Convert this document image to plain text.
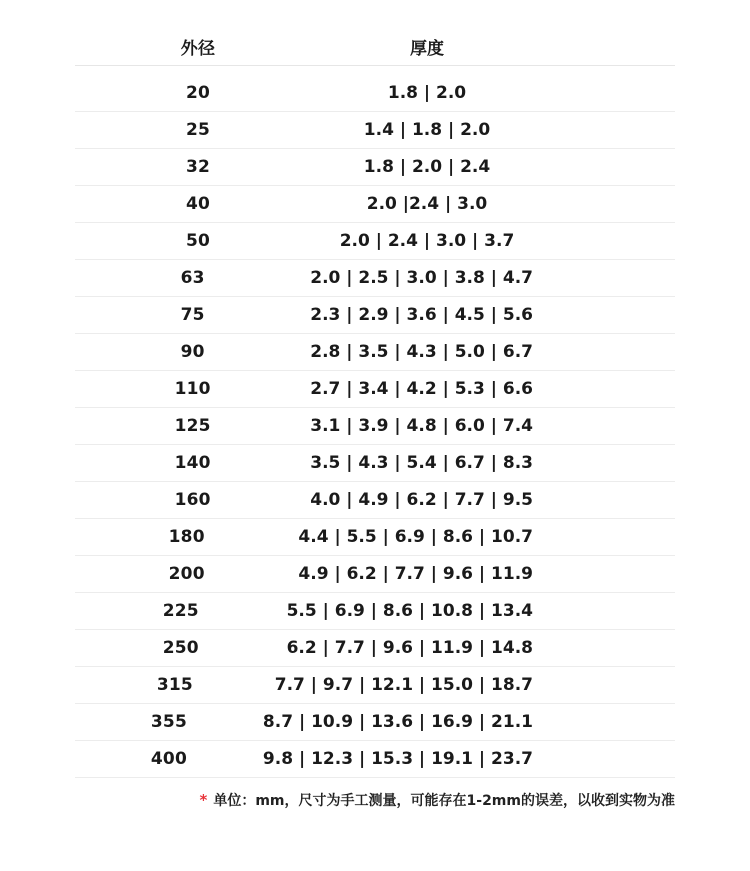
外径	厚度
20	1.8 | 2.0
25	1.4 | 1.8 | 2.0
32	1.8 | 2.0 | 2.4
40	2.0 |2.4 | 3.0
50	2.0 | 2.4 | 3.0 | 3.7
63	2.0 | 2.5 | 3.0 | 3.8 | 4.7
75	2.3 | 2.9 | 3.6 | 4.5 | 5.6
90	2.8 | 3.5 | 4.3 | 5.0 | 6.7
110	2.7 | 3.4 | 4.2 | 5.3 | 6.6
125	3.1 | 3.9 | 4.8 | 6.0 | 7.4
140	3.5 | 4.3 | 5.4 | 6.7 | 8.3
160	4.0 | 4.9 | 6.2 | 7.7 | 9.5
180	4.4 | 5.5 | 6.9 | 8.6 | 10.7
200	4.9 | 6.2 | 7.7 | 9.6 | 11.9
225	5.5 | 6.9 | 8.6 | 10.8 | 13.4
250	6.2 | 7.7 | 9.6 | 11.9 | 14.8
315	7.7 | 9.7 | 12.1 | 15.0 | 18.7
355	8.7 | 10.9 | 13.6 | 16.9 | 21.1
400	9.8 | 12.3 | 15.3 | 19.1 | 23.7
* 单位：mm，尺寸为手工测量，可能存在1-2mm的误差，以收到实物为准
